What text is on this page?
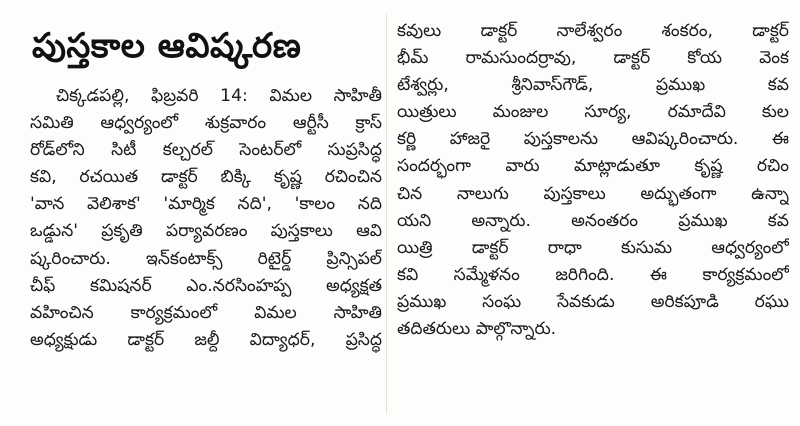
పుస్తకాల ఆవిష్కరణ
చిక్కడపల్లి, ఫిబ్రవరి 14: విమల సాహితీ
సమితి ఆధ్వర్యంలో శుక్రవారం ఆర్టీసీ క్రాస్
రోడ్‌లోని సిటీ కల్చరల్ సెంటర్‌లో సుప్రసిద్ధ
కవి, రచయిత డాక్టర్ బిక్కి కృష్ణ రచించిన
'వాన వెలిశాక' 'మార్మిక నది', 'కాలం నది
ఒడ్డున' ప్రకృతి పర్యావరణం పుస్తకాలు ఆవి
ష్కరించారు. ఇన్‌కంటాక్స్ రిటైర్డ్ ప్రిన్సిపల్
చీఫ్ కమిషనర్ ఎం.నరసింహప్ప అధ్యక్షత
వహించిన కార్యక్రమంలో విమల సాహితి
అధ్యక్షుడు డాక్టర్ జల్దీ విద్యాధర్, ప్రసిద్ధ
కవులు డాక్టర్ నాలేశ్వరం శంకరం, డాక్టర్
భీమ్ రామసుందర్రావు, డాక్టర్ కోయ వెంక
టేశ్వర్లు, శ్రీనివాస్‌గౌడ్, ప్రముఖ కవ
యిత్రులు మంజుల సూర్య, రమాదేవి కుల
కర్ణి హాజరై పుస్తకాలను ఆవిష్కరించారు. ఈ
సందర్భంగా వారు మాట్లాడుతూ కృష్ణ రచిం
చిన నాలుగు పుస్తకాలు అద్భుతంగా ఉన్నా
యని అన్నారు. అనంతరం ప్రముఖ కవ
యిత్రి డాక్టర్ రాధా కుసుమ ఆధ్వర్యంలో
కవి సమ్మేళనం జరిగింది. ఈ కార్యక్రమంలో
ప్రముఖ సంఘ సేవకుడు అరికపూడి రఘు
తదితరులు పాల్గొన్నారు.
